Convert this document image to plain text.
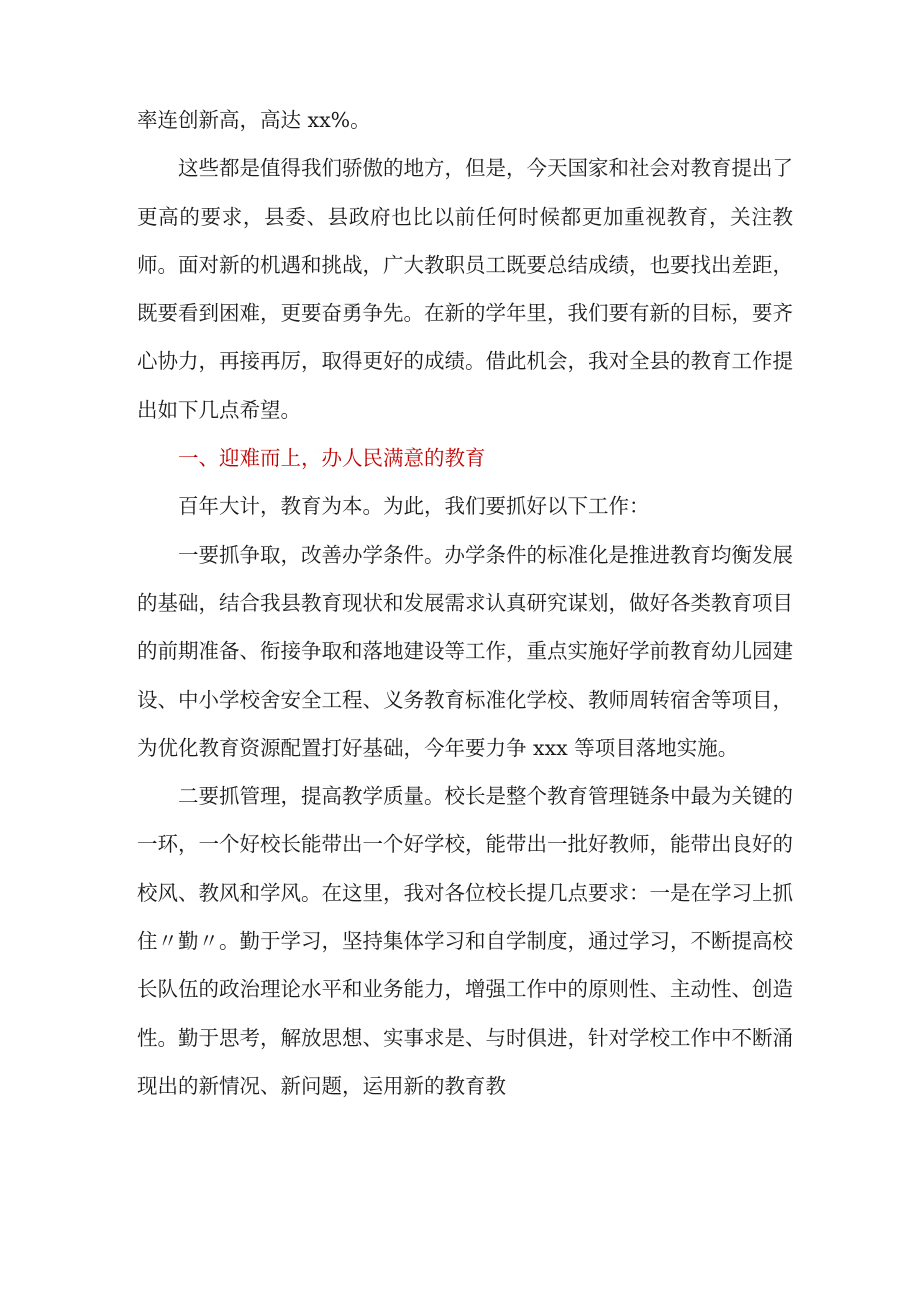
率连创新高，高达 xx%。

这些都是值得我们骄傲的地方，但是，今天国家和社会对教育提出了更高的要求，县委、县政府也比以前任何时候都更加重视教育，关注教师。面对新的机遇和挑战，广大教职员工既要总结成绩，也要找出差距，既要看到困难，更要奋勇争先。在新的学年里，我们要有新的目标，要齐心协力，再接再厉，取得更好的成绩。借此机会，我对全县的教育工作提出如下几点希望。

一、迎难而上，办人民满意的教育

百年大计，教育为本。为此，我们要抓好以下工作：

一要抓争取，改善办学条件。办学条件的标准化是推进教育均衡发展的基础，结合我县教育现状和发展需求认真研究谋划，做好各类教育项目的前期准备、衔接争取和落地建设等工作，重点实施好学前教育幼儿园建设、中小学校舍安全工程、义务教育标准化学校、教师周转宿舍等项目，为优化教育资源配置打好基础，今年要力争 xxx 等项目落地实施。

二要抓管理，提高教学质量。校长是整个教育管理链条中最为关键的一环，一个好校长能带出一个好学校，能带出一批好教师，能带出良好的校风、教风和学风。在这里，我对各位校长提几点要求：一是在学习上抓住〃勤〃。勤于学习，坚持集体学习和自学制度，通过学习，不断提高校长队伍的政治理论水平和业务能力，增强工作中的原则性、主动性、创造性。勤于思考，解放思想、实事求是、与时俱进，针对学校工作中不断涌现出的新情况、新问题，运用新的教育教
